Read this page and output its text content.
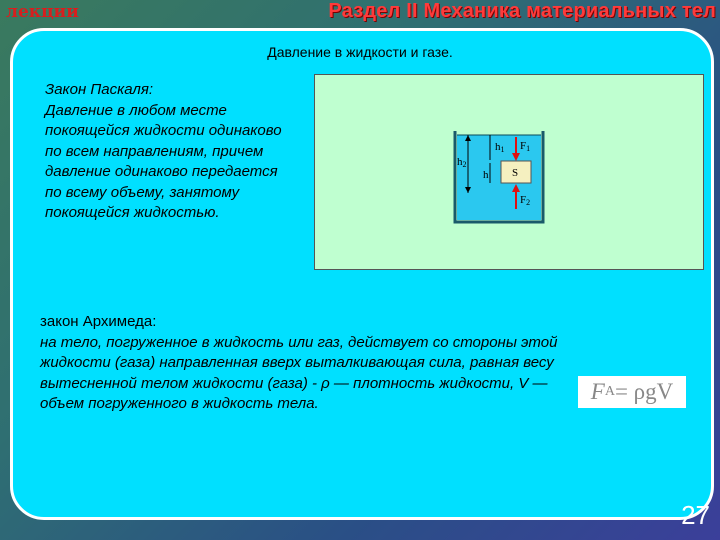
лекции	Раздел II Механика материальных тел
Давление в жидкости и газе.
Закон Паскаля:
Давление в любом месте покоящейся жидкости одинаково по всем направлениям, причем давление одинаково передается по всему объему, занятому покоящейся жидкостью.
h2
h1
h
F1
S
F2
закон Архимеда:
на тело, погруженное в жидкость или газ, действует со стороны этой жидкости (газа) направленная вверх выталкивающая сила, равная весу вытесненной телом жидкости (газа) - ρ — плотность жидкости, V — объем погруженного в жидкость тела.	F A = ρgV
27
